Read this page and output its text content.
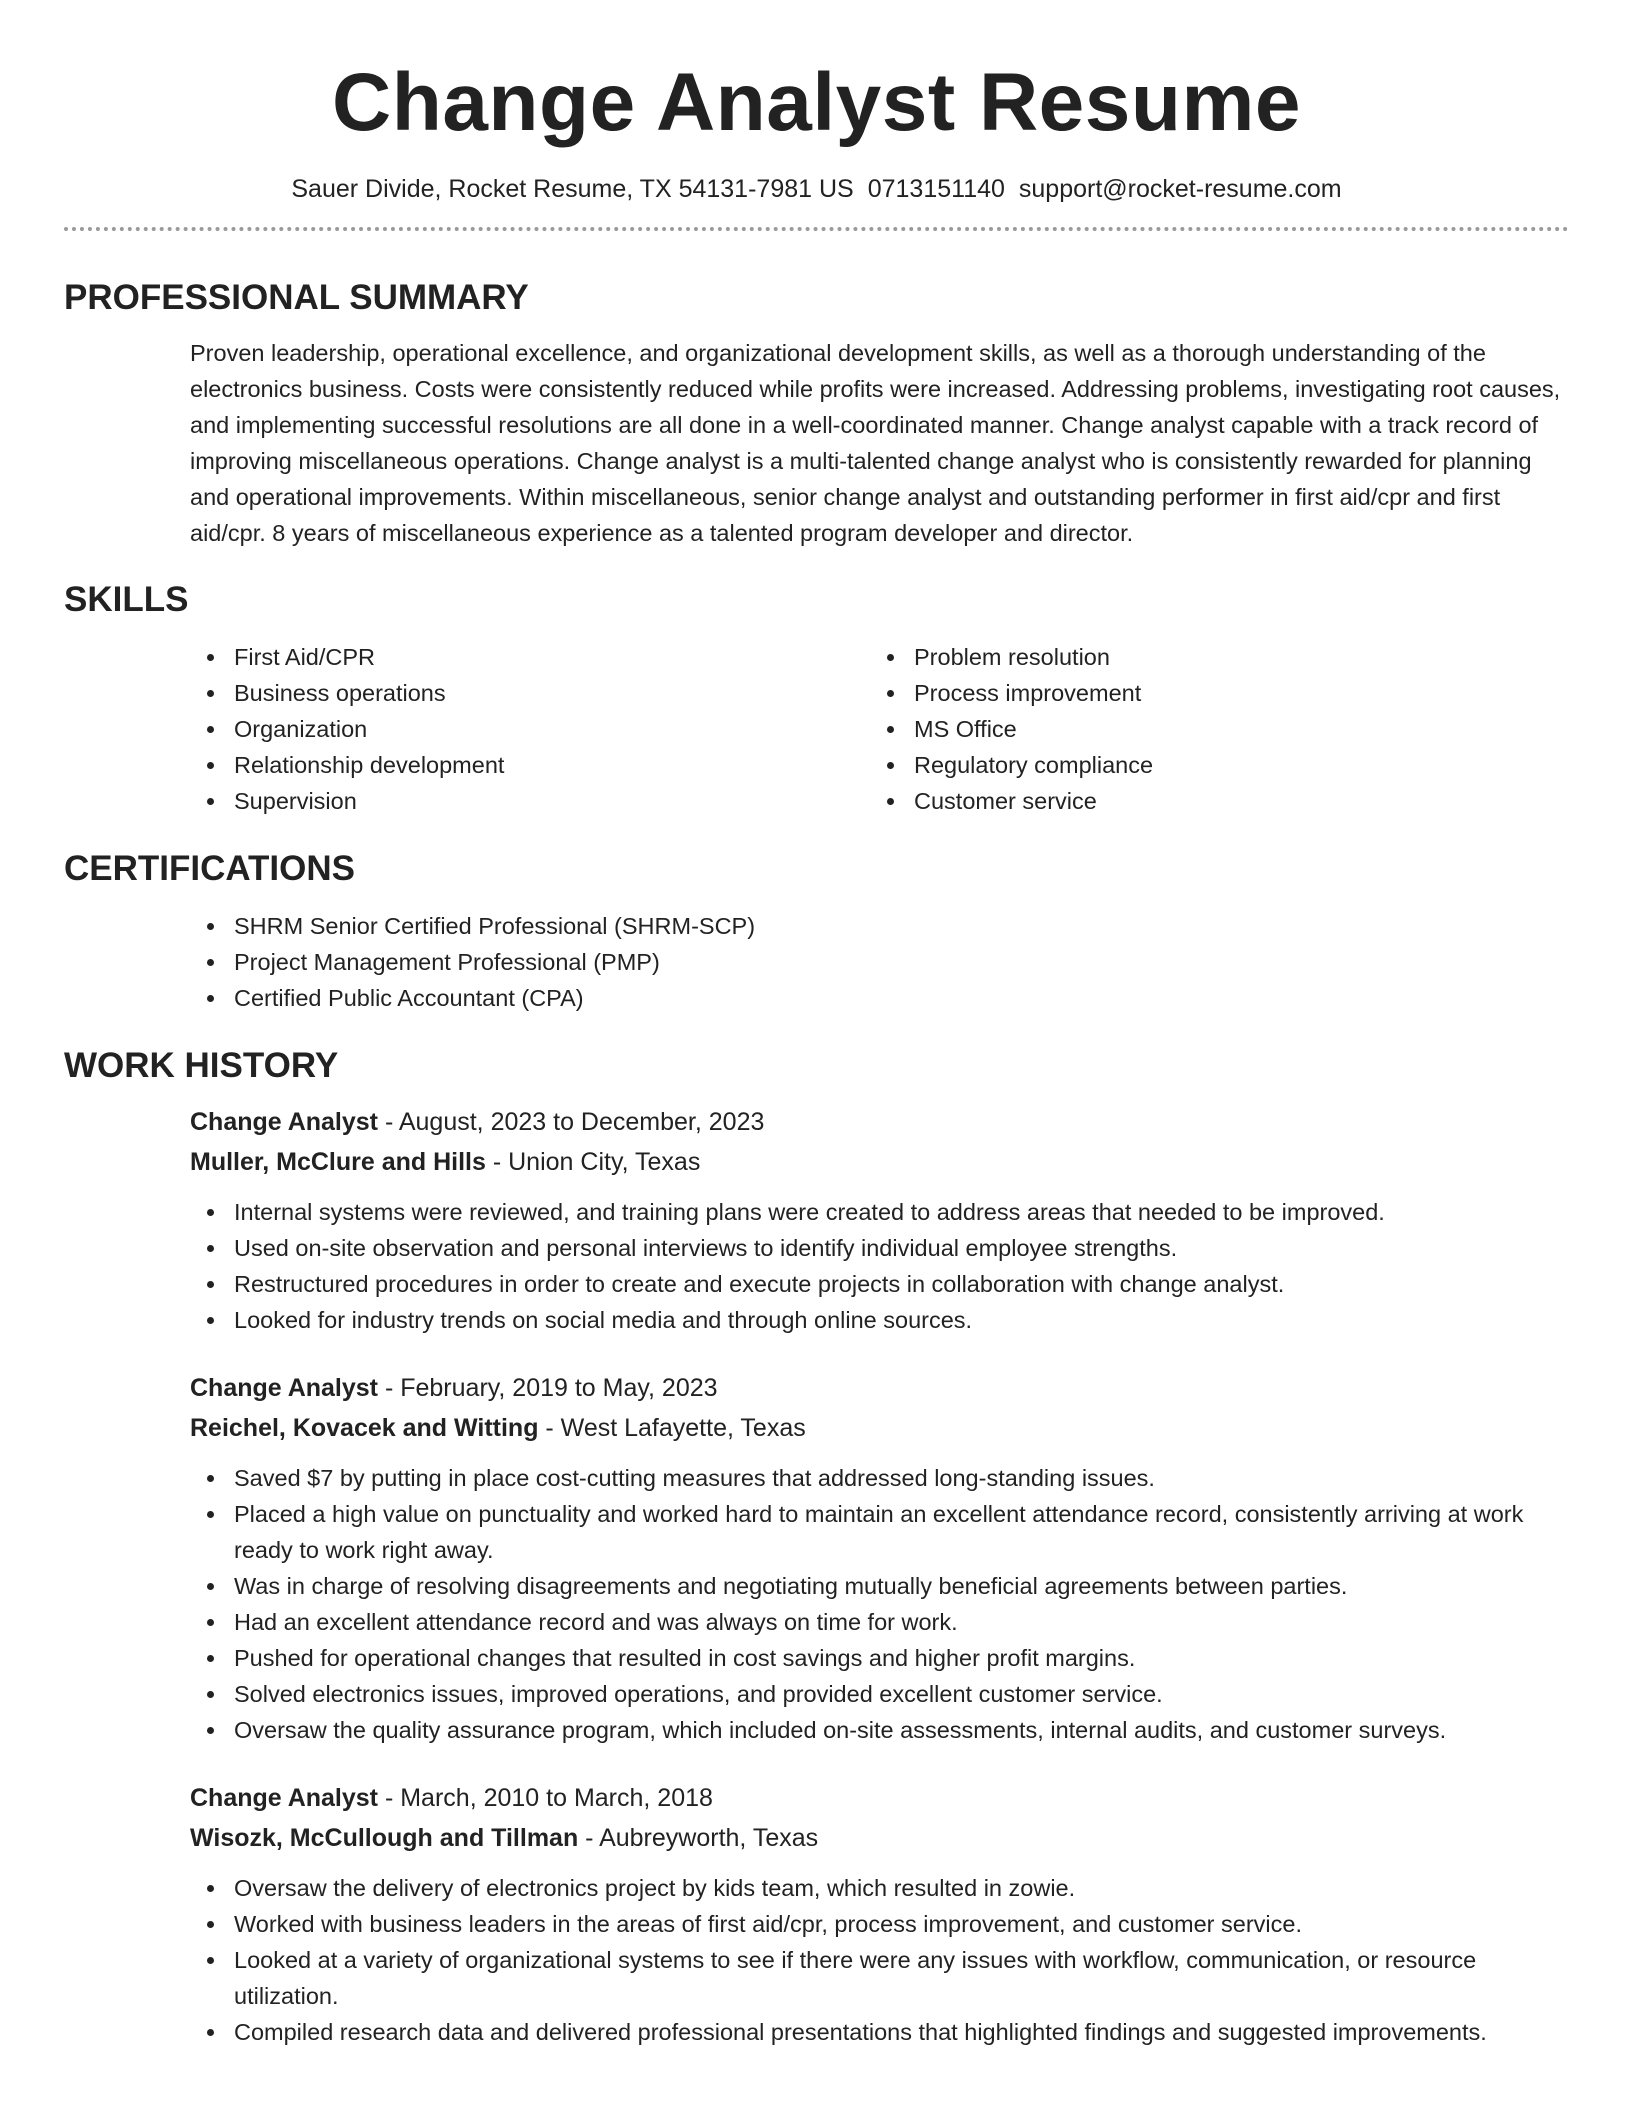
Change Analyst Resume
Sauer Divide, Rocket Resume, TX 54131-7981 US 0713151140 support@rocket-resume.com
PROFESSIONAL SUMMARY

Proven leadership, operational excellence, and organizational development skills, as well as a thorough understanding of the electronics business. Costs were consistently reduced while profits were increased. Addressing problems, investigating root causes, and implementing successful resolutions are all done in a well-coordinated manner. Change analyst capable with a track record of improving miscellaneous operations. Change analyst is a multi-talented change analyst who is consistently rewarded for planning and operational improvements. Within miscellaneous, senior change analyst and outstanding performer in first aid/cpr and first aid/cpr. 8 years of miscellaneous experience as a talented program developer and director.

SKILLS
First Aid/CPR
Business operations
Organization
Relationship development
Supervision
Problem resolution
Process improvement
MS Office
Regulatory compliance
Customer service
CERTIFICATIONS
SHRM Senior Certified Professional (SHRM-SCP)
Project Management Professional (PMP)
Certified Public Accountant (CPA)
WORK HISTORY
Change Analyst - August, 2023 to December, 2023
Muller, McClure and Hills - Union City, Texas
Internal systems were reviewed, and training plans were created to address areas that needed to be improved.
Used on-site observation and personal interviews to identify individual employee strengths.
Restructured procedures in order to create and execute projects in collaboration with change analyst.
Looked for industry trends on social media and through online sources.
Change Analyst - February, 2019 to May, 2023
Reichel, Kovacek and Witting - West Lafayette, Texas
Saved $7 by putting in place cost-cutting measures that addressed long-standing issues.
Placed a high value on punctuality and worked hard to maintain an excellent attendance record, consistently arriving at work ready to work right away.
Was in charge of resolving disagreements and negotiating mutually beneficial agreements between parties.
Had an excellent attendance record and was always on time for work.
Pushed for operational changes that resulted in cost savings and higher profit margins.
Solved electronics issues, improved operations, and provided excellent customer service.
Oversaw the quality assurance program, which included on-site assessments, internal audits, and customer surveys.
Change Analyst - March, 2010 to March, 2018
Wisozk, McCullough and Tillman - Aubreyworth, Texas
Oversaw the delivery of electronics project by kids team, which resulted in zowie.
Worked with business leaders in the areas of first aid/cpr, process improvement, and customer service.
Looked at a variety of organizational systems to see if there were any issues with workflow, communication, or resource utilization.
Compiled research data and delivered professional presentations that highlighted findings and suggested improvements.
